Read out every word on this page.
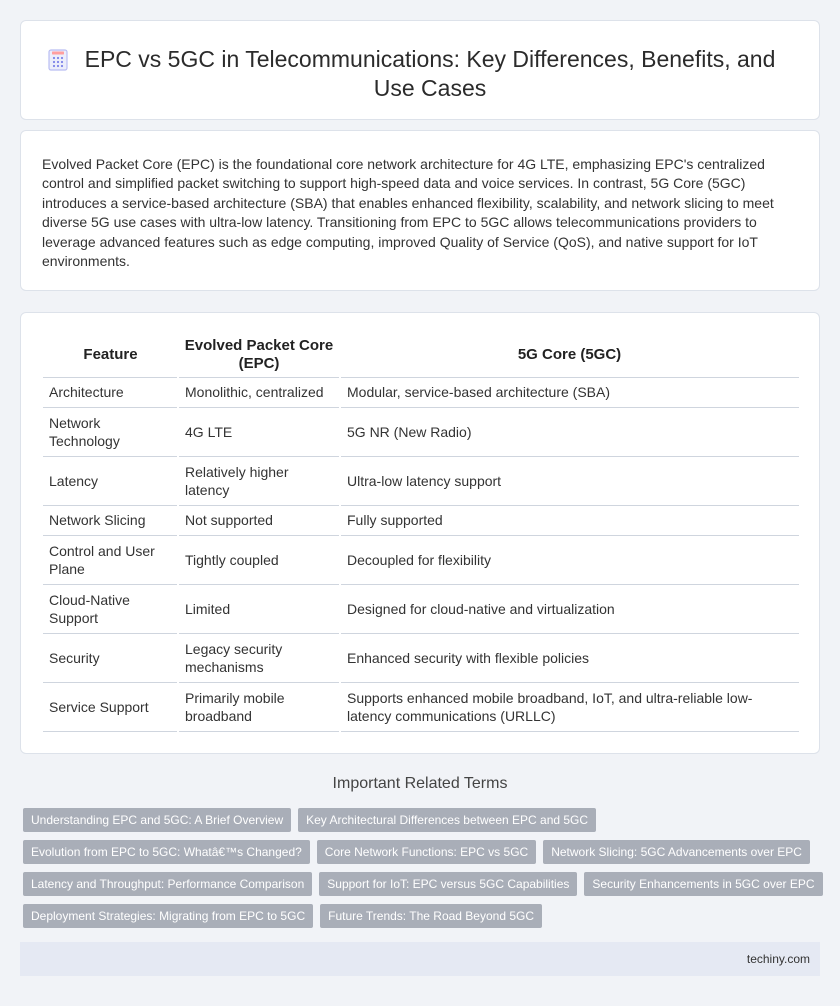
EPC vs 5GC in Telecommunications: Key Differences, Benefits, and Use Cases

Evolved Packet Core (EPC) is the foundational core network architecture for 4G LTE, emphasizing EPC's centralized control and simplified packet switching to support high-speed data and voice services. In contrast, 5G Core (5GC) introduces a service-based architecture (SBA) that enables enhanced flexibility, scalability, and network slicing to meet diverse 5G use cases with ultra-low latency. Transitioning from EPC to 5GC allows telecommunications providers to leverage advanced features such as edge computing, improved Quality of Service (QoS), and native support for IoT environments.

Feature	Evolved Packet Core (EPC)	5G Core (5GC)
Architecture	Monolithic, centralized	Modular, service-based architecture (SBA)
Network Technology	4G LTE	5G NR (New Radio)
Latency	Relatively higher latency	Ultra-low latency support
Network Slicing	Not supported	Fully supported
Control and User Plane	Tightly coupled	Decoupled for flexibility
Cloud-Native Support	Limited	Designed for cloud-native and virtualization
Security	Legacy security mechanisms	Enhanced security with flexible policies
Service Support	Primarily mobile broadband	Supports enhanced mobile broadband, IoT, and ultra-reliable low-latency communications (URLLC)
Important Related Terms
Understanding EPC and 5GC: A Brief Overview	Key Architectural Differences between EPC and 5GC
Evolution from EPC to 5GC: Whatâ€™s Changed?	Core Network Functions: EPC vs 5GC	Network Slicing: 5GC Advancements over EPC
Latency and Throughput: Performance Comparison	Support for IoT: EPC versus 5GC Capabilities	Security Enhancements in 5GC over EPC
Deployment Strategies: Migrating from EPC to 5GC	Future Trends: The Road Beyond 5GC
techiny.com
